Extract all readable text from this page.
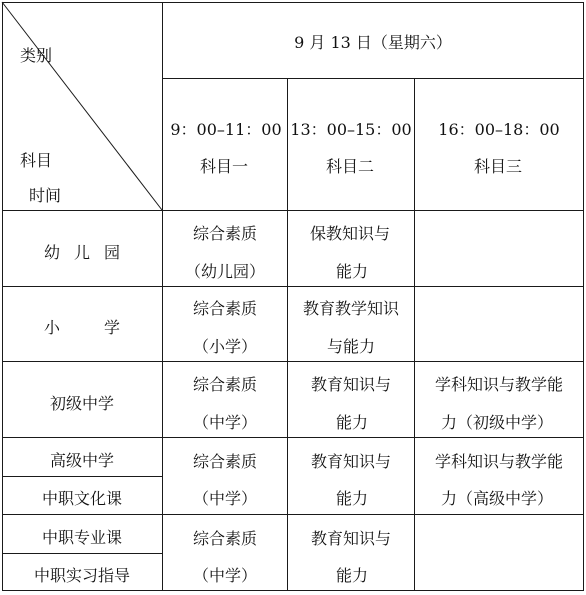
类别
科目
时间
9 月 13 日（星期六）
9：00–11：00
科目一
13：00–15：00
科目二
16：00–18：00
科目三
幼儿园
综合素质
（幼儿园）
保教知识与
能力
小学
综合素质
（小学）
教育教学知识
与能力
初级中学
综合素质
（中学）
教育知识与
能力
学科知识与教学能
力（初级中学）
高级中学
中职文化课
综合素质
（中学）
教育知识与
能力
学科知识与教学能
力（高级中学）
中职专业课
中职实习指导
综合素质
（中学）
教育知识与
能力
